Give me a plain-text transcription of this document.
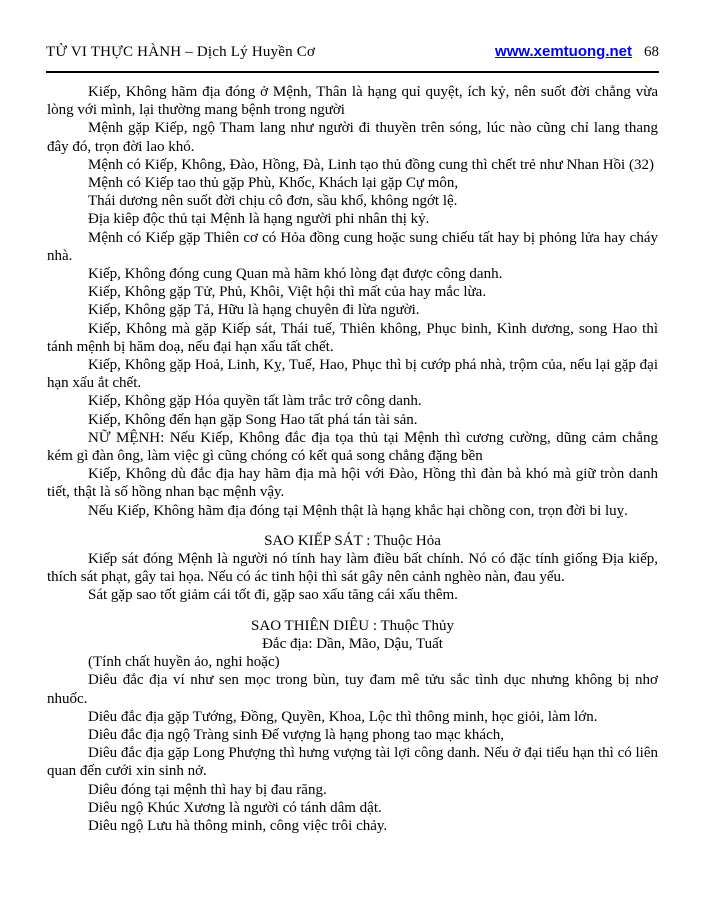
TỬ VI THỰC HÀNH – Dịch Lý Huyền Cơ	www.xemtuong.net 68

Kiếp, Không hãm địa đóng ở Mệnh, Thân là hạng quỉ quyệt, ích kỷ, nên suốt đời chẳng vừa lòng với mình, lại thường mang bệnh trong người

Mệnh gặp Kiếp, ngộ Tham lang như người đi thuyền trên sóng, lúc nào cũng chỉ lang thang đây đó, trọn đời lao khó.

Mệnh có Kiếp, Không, Đào, Hồng, Đà, Linh tạo thủ đồng cung thì chết trẻ như Nhan Hồi (32)

Mệnh có Kiếp tao thủ gặp Phù, Khốc, Khách lại gặp Cự môn,

Thái dương nên suốt đời chịu cô đơn, sầu khổ, không ngớt lệ.

Địa kiêp độc thủ tại Mệnh là hạng người phi nhân thị kỷ.

Mệnh có Kiếp gặp Thiên cơ có Hỏa đồng cung hoặc sung chiếu tất hay bị phỏng lửa hay cháy nhà.

Kiếp, Không đóng cung Quan mà hãm khó lòng đạt được công danh.

Kiếp, Không gặp Tử, Phủ, Khôi, Việt hội thì mất của hay mắc lừa.

Kiếp, Không gặp Tả, Hữu là hạng chuyên đi lừa người.

Kiếp, Không mà gặp Kiếp sát, Thái tuế, Thiên không, Phục binh, Kình dương, song Hao thì tánh mệnh bị hăm doạ, nếu đại hạn xấu tất chết.

Kiếp, Không gặp Hoả, Linh, Kỵ, Tuế, Hao, Phục thì bị cướp phá nhà, trộm của, nếu lại gặp đại hạn xấu ắt chết.

Kiếp, Không gặp Hóa quyền tất làm trắc trở công danh.

Kiếp, Không đến hạn gặp Song Hao tất phá tán tài sản.

NỮ MỆNH: Nếu Kiếp, Không đắc địa tọa thủ tại Mệnh thì cương cường, dũng cảm chẳng kém gì đàn ông, làm việc gì cũng chóng có kết quả song chẳng đặng bền

Kiếp, Không dù đắc địa hay hãm địa mà hội với Đào, Hồng thì đàn bà khó mà giữ tròn danh tiết, thật là số hồng nhan bạc mệnh vậy.

Nếu Kiếp, Không hãm địa đóng tại Mệnh thật là hạng khắc hại chồng con, trọn đời bi luỵ.

SAO KIẾP SÁT : Thuộc Hỏa

Kiếp sát đóng Mệnh là người nó tính hay làm điều bất chính. Nó có đặc tính giống Địa kiếp, thích sát phạt, gây tai họa. Nếu có ác tinh hội thì sát gây nên cảnh nghèo nàn, đau yếu.

Sát gặp sao tốt giảm cái tốt đi, gặp sao xấu tăng cái xấu thêm.

SAO THIÊN DIÊU : Thuộc Thủy
Đắc địa: Dần, Mão, Dậu, Tuất

(Tính chất huyền ảo, nghi hoặc)

Diêu đắc địa ví như sen mọc trong bùn, tuy đam mê tửu sắc tình dục nhưng không bị nhơ nhuốc.

Diêu đắc địa gặp Tướng, Đồng, Quyền, Khoa, Lộc thì thông minh, học giỏi, làm lớn.

Diêu đắc địa ngộ Tràng sinh Đế vượng là hạng phong tao mạc khách,

Diêu đắc địa gặp Long Phượng thì hưng vượng tài lợi công danh. Nếu ở đại tiểu hạn thì có liên quan đến cưới xin sinh nở.

Diêu đóng tại mệnh thì hay bị đau răng.

Diêu ngộ Khúc Xương là người có tánh dâm dật.

Diêu ngộ Lưu hà thông minh, công việc trôi chảy.
